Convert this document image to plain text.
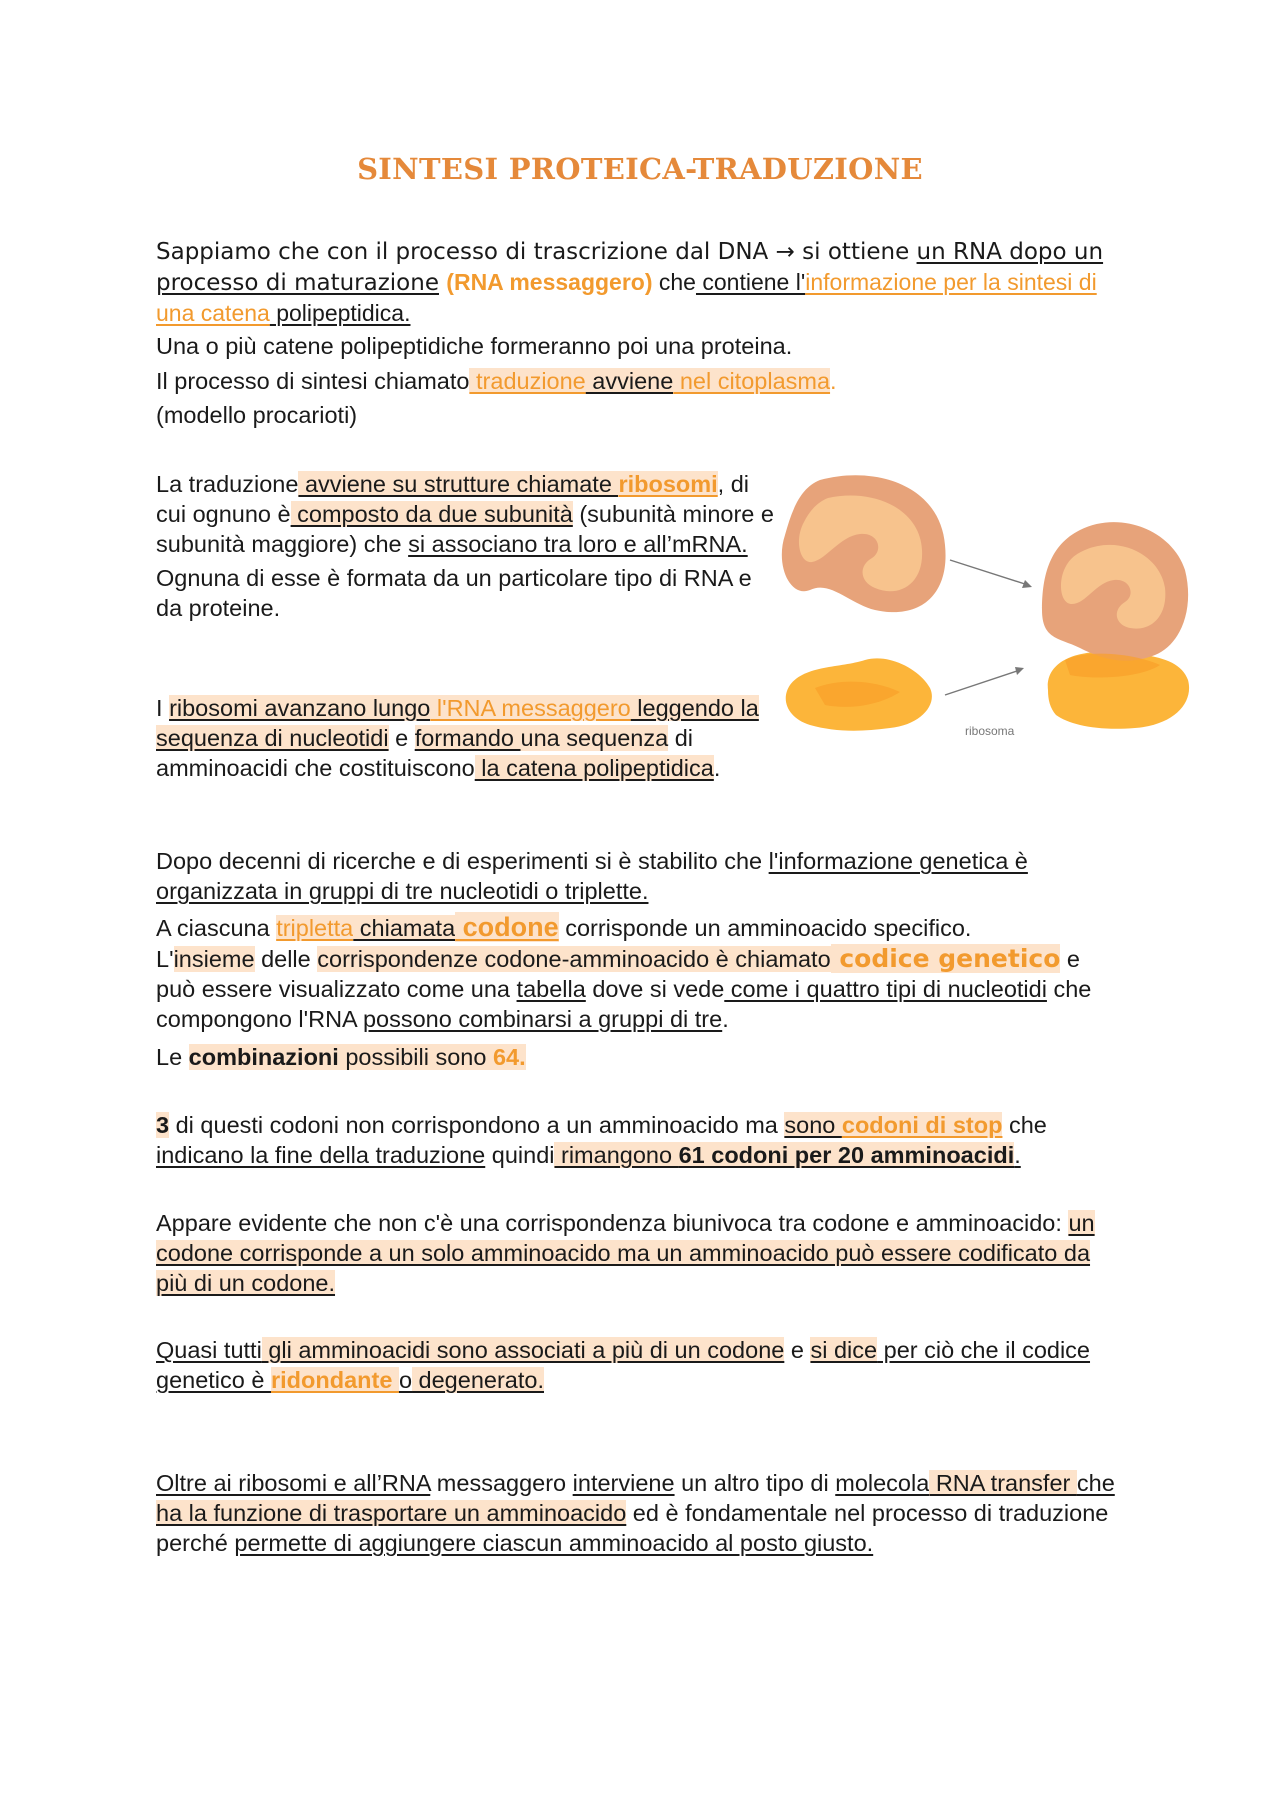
SINTESI PROTEICA-TRADUZIONE

Sappiamo che con il processo di trascrizione dal DNA → si ottiene un RNA dopo un processo di maturazione (RNA messaggero) che contiene l'informazione per la sintesi di una catena polipeptidica.

Una o più catene polipeptidiche formeranno poi una proteina.

Il processo di sintesi chiamato traduzione avviene nel citoplasma.

(modello procarioti)

La traduzione avviene su strutture chiamate ribosomi, di cui ognuno è composto da due subunità (subunità minore e subunità maggiore) che si associano tra loro e all’mRNA.

Ognuna di esse è formata da un particolare tipo di RNA e da proteine.

I ribosomi avanzano lungo l'RNA messaggero leggendo la sequenza di nucleotidi e formando una sequenza di amminoacidi che costituiscono la catena polipeptidica.

ribosoma

Dopo decenni di ricerche e di esperimenti si è stabilito che l'informazione genetica è organizzata in gruppi di tre nucleotidi o triplette.

A ciascuna tripletta chiamata codone corrisponde un amminoacido specifico.

L'insieme delle corrispondenze codone-amminoacido è chiamato codice genetico e può essere visualizzato come una tabella dove si vede come i quattro tipi di nucleotidi che compongono l'RNA possono combinarsi a gruppi di tre.

Le combinazioni possibili sono 64.

3 di questi codoni non corrispondono a un amminoacido ma sono codoni di stop che indicano la fine della traduzione quindi rimangono 61 codoni per 20 amminoacidi.

Appare evidente che non c'è una corrispondenza biunivoca tra codone e amminoacido: un codone corrisponde a un solo amminoacido ma un amminoacido può essere codificato da più di un codone.

Quasi tutti gli amminoacidi sono associati a più di un codone e si dice per ciò che il codice genetico è ridondante o degenerato.

Oltre ai ribosomi e all’RNA messaggero interviene un altro tipo di molecola RNA transfer che ha la funzione di trasportare un amminoacido ed è fondamentale nel processo di traduzione perché permette di aggiungere ciascun amminoacido al posto giusto.
